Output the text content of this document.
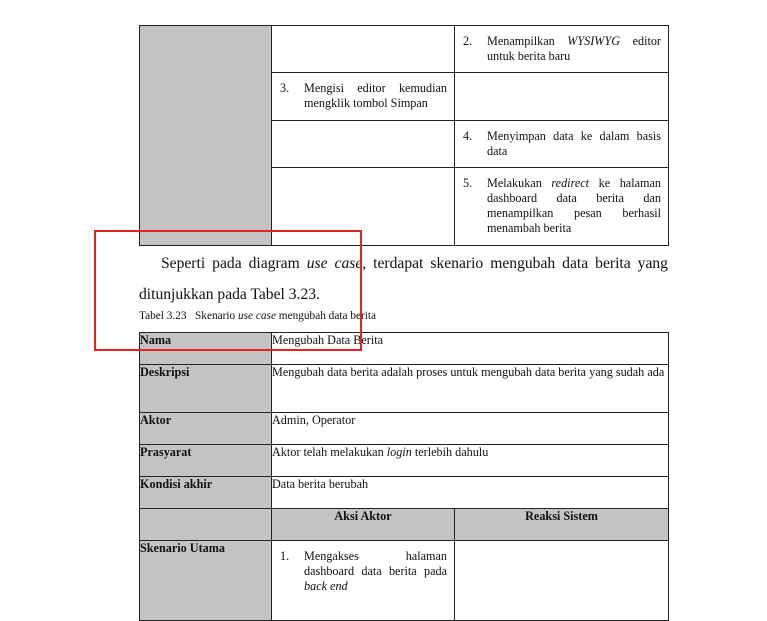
		2. Menampilkan WYSIWYG editor untuk berita baru

	3. Mengisi editor kemudian mengklik tombol Simpan	

		4. Menyimpan data ke dalam basis data

		5. Melakukan redirect ke halaman dashboard data berita dan menampilkan pesan berhasil menambah berita

Seperti pada diagram use case, terdapat skenario mengubah data berita yang

ditunjukkan pada Tabel 3.23.
Tabel 3.23 Skenario use case mengubah data berita
Nama	Mengubah Data Berita	
Deskripsi	Mengubah data berita adalah proses untuk mengubah data berita yang sudah ada	
Aktor	Admin, Operator	
Prasyarat	Aktor telah melakukan login terlebih dahulu	
Kondisi akhir	Data berita berubah	
	Aksi Aktor	Reaksi Sistem
Skenario Utama	1. Mengakses halaman dashboard data berita pada back end	
